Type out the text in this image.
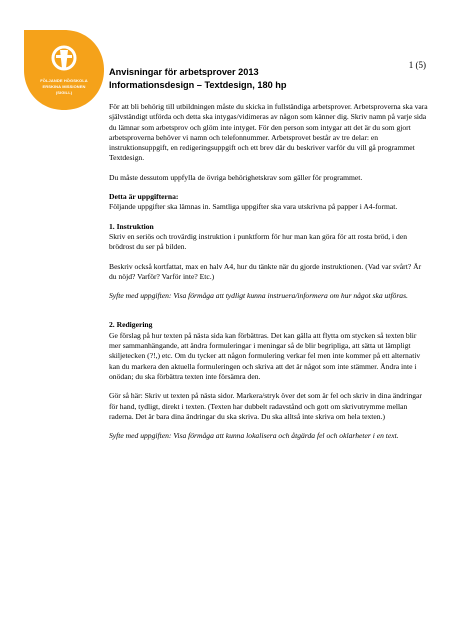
FÖLJANDE HÖGSKOLA
ERSKINA MISSIONEN
(SIGILL)
1 (5)
Anvisningar för arbetsprover 2013
Informationsdesign – Textdesign, 180 hp

För att bli behörig till utbildningen måste du skicka in fullständiga arbetsprover. Arbetsproverna ska vara självständigt utförda och detta ska intygas/vidimeras av någon som känner dig. Skriv namn på varje sida du lämnar som arbetsprov och glöm inte intyget. För den person som intygar att det är du som gjort arbetsproverna behöver vi namn och telefonnummer. Arbetsprovet består av tre delar: en instruktionsuppgift, en redigeringsuppgift och ett brev där du beskriver varför du vill gå programmet Textdesign.

Du måste dessutom uppfylla de övriga behörighetskrav som gäller för programmet.

Detta är uppgifterna:
Följande uppgifter ska lämnas in. Samtliga uppgifter ska vara utskrivna på papper i A4-format.

1. Instruktion
Skriv en seriös och trovärdig instruktion i punktform för hur man kan göra för att rosta bröd, i den brödrost du ser på bilden.

Beskriv också kortfattat, max en halv A4, hur du tänkte när du gjorde instruktionen. (Vad var svårt? Är du nöjd? Varför? Varför inte? Etc.)

Syfte med uppgiften: Visa förmåga att tydligt kunna instruera/informera om hur något ska utföras.

2. Redigering
Ge förslag på hur texten på nästa sida kan förbättras. Det kan gälla att flytta om stycken så texten blir mer sammanhängande, att ändra formuleringar i meningar så de blir begripliga, att sätta ut lämpligt skiljetecken (?!,) etc. Om du tycker att någon formulering verkar fel men inte kommer på ett alternativ kan du markera den aktuella formuleringen och skriva att det är något som inte stämmer. Ändra inte i onödan; du ska förbättra texten inte försämra den.

Gör så här: Skriv ut texten på nästa sidor. Markera/stryk över det som är fel och skriv in dina ändringar för hand, tydligt, direkt i texten. (Texten har dubbelt radavstånd och gott om skrivutrymme mellan raderna. Det är bara dina ändringar du ska skriva. Du ska alltså inte skriva om hela texten.)

Syfte med uppgiften: Visa förmåga att kunna lokalisera och åtgärda fel och oklarheter i en text.
